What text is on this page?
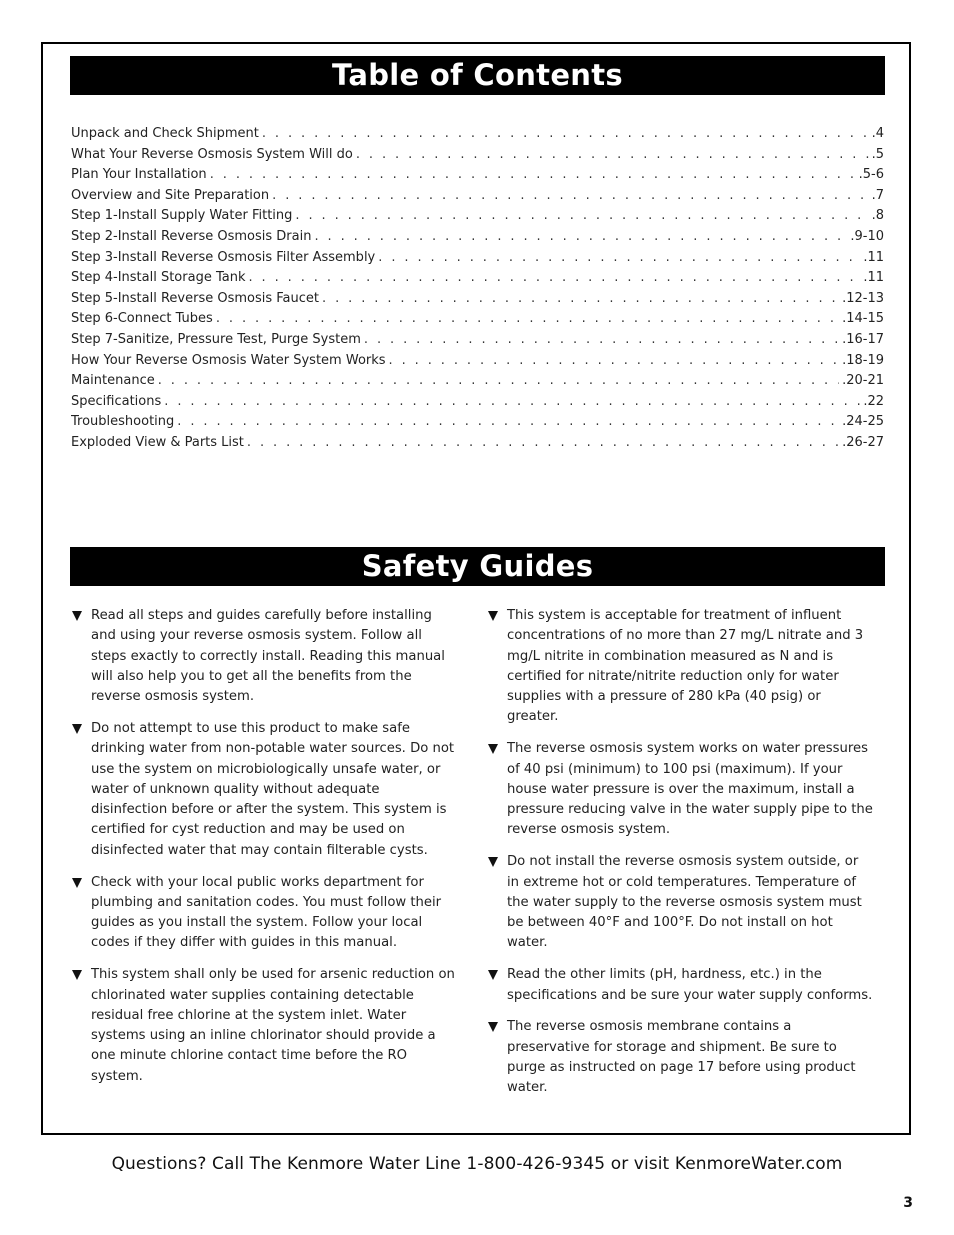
Table of Contents
Unpack and Check Shipment . . .	.4
What Your Reverse Osmosis System Will do . . .	.5
Plan Your Installation . . .	.5-6
Overview and Site Preparation . . .	.7
Step 1-Install Supply Water Fitting . . .	.8
Step 2-Install Reverse Osmosis Drain . . .	.9-10
Step 3-Install Reverse Osmosis Filter Assembly . . .	.11
Step 4-Install Storage Tank . . .	.11
Step 5-Install Reverse Osmosis Faucet . . .	.12-13
Step 6-Connect Tubes . . .	.14-15
Step 7-Sanitize, Pressure Test, Purge System . . .	.16-17
How Your Reverse Osmosis Water System Works . . .	.18-19
Maintenance . . .	.20-21
Specifications . . .	.22
Troubleshooting . . .	.24-25
Exploded View & Parts List . . .	.26-27
Safety Guides
Read all steps and guides carefully before installing and using your reverse osmosis system. Follow all steps exactly to correctly install. Reading this manual will also help you to get all the benefits from the reverse osmosis system.
Do not attempt to use this product to make safe drinking water from non-potable water sources. Do not use the system on microbiologically unsafe water, or water of unknown quality without adequate disinfection before or after the system. This system is certified for cyst reduction and may be used on disinfected water that may contain filterable cysts.
Check with your local public works department for plumbing and sanitation codes. You must follow their guides as you install the system. Follow your local codes if they differ with guides in this manual.
This system shall only be used for arsenic reduction on chlorinated water supplies containing detectable residual free chlorine at the system inlet. Water systems using an inline chlorinator should provide a one minute chlorine contact time before the RO system.
This system is acceptable for treatment of influent concentrations of no more than 27 mg/L nitrate and 3 mg/L nitrite in combination measured as N and is certified for nitrate/nitrite reduction only for water supplies with a pressure of 280 kPa (40 psig) or greater.
The reverse osmosis system works on water pressures of 40 psi (minimum) to 100 psi (maximum). If your house water pressure is over the maximum, install a pressure reducing valve in the water supply pipe to the reverse osmosis system.
Do not install the reverse osmosis system outside, or in extreme hot or cold temperatures. Temperature of the water supply to the reverse osmosis system must be between 40°F and 100°F. Do not install on hot water.
Read the other limits (pH, hardness, etc.) in the specifications and be sure your water supply conforms.
The reverse osmosis membrane contains a preservative for storage and shipment. Be sure to purge as instructed on page 17 before using product water.
Questions? Call The Kenmore Water Line 1-800-426-9345 or visit KenmoreWater.com
3
